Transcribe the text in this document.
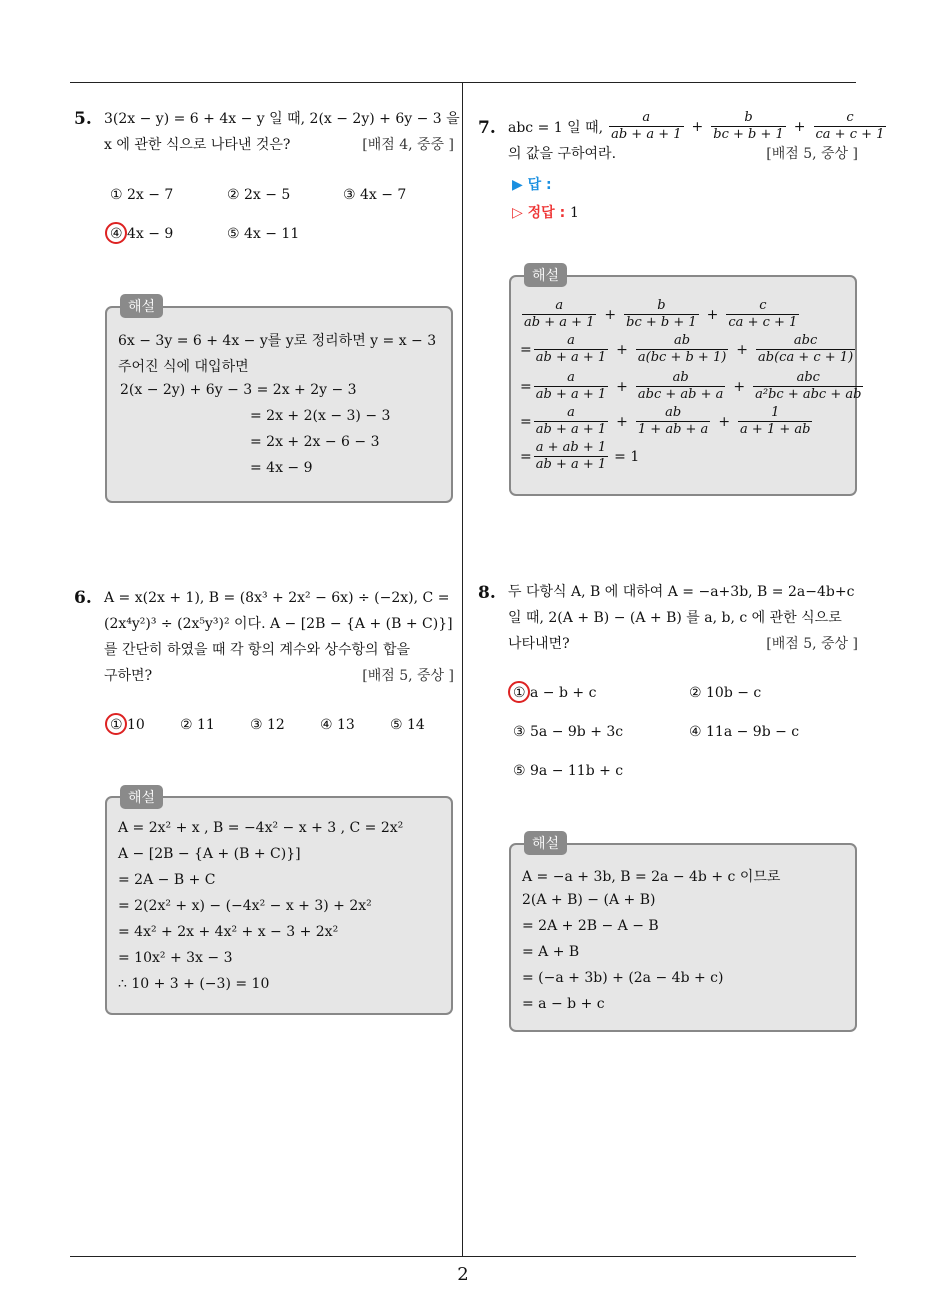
2
5. 3(2x − y) = 6 + 4x − y 일 때, 2(x − 2y) + 6y − 3 을
x 에 관한 식으로 나타낸 것은?	[배점 4, 중중 ]
① 2x − 7	② 2x − 5	③ 4x − 7
④ 4x − 9	⑤ 4x − 11
해설
6x − 3y = 6 + 4x − y를 y로 정리하면 y = x − 3
주어진 식에 대입하면
2(x − 2y) + 6y − 3 = 2x + 2y − 3
= 2x + 2(x − 3) − 3
= 2x + 2x − 6 − 3
= 4x − 9
6. A = x(2x + 1), B = (8x³ + 2x² − 6x) ÷ (−2x), C =
(2x⁴y²)³ ÷ (2x⁵y³)² 이다. A − [2B − {A + (B + C)}]
를 간단히 하였을 때 각 항의 계수와 상수항의 합을
구하면?	[배점 5, 중상 ]
① 10	② 11	③ 12	④ 13	⑤ 14
해설
A = 2x² + x , B = −4x² − x + 3 , C = 2x²
A − [2B − {A + (B + C)}]
= 2A − B + C
= 2(2x² + x) − (−4x² − x + 3) + 2x²
= 4x² + 2x + 4x² + x − 3 + 2x²
= 10x² + 3x − 3
∴ 10 + 3 + (−3) = 10
7. abc = 1 일 때, $\frac{a}{ab + a + 1} + \frac{b}{bc + b + 1} + \frac{c}{ca + c + 1}$
의 값을 구하여라.	[배점 5, 중상 ]
▶ 답 :
▷ 정답 : 1
해설
$\frac{a}{ab + a + 1} + \frac{b}{bc + b + 1} + \frac{c}{ca + c + 1}$
= $\frac{a}{ab + a + 1} + \frac{ab}{a(bc + b + 1)} + \frac{\text{abc}}{ab(ca + c + 1)}$
= $\frac{a}{ab + a + 1} + \frac{ab}{\text{abc + ab + a}} + \frac{\text{abc}}{\text{a²bc + abc + ab}}$
= $\frac{a}{ab + a + 1} + \frac{ab}{1 + ab + a} + \frac{1}{a + 1 + ab}$
= $\frac{a + ab + 1}{ab + a + 1} = 1$
8. 두 다항식 A, B 에 대하여 A = −a+3b, B = 2a−4b+c
일 때, 2(A + B) − (A + B) 를 a, b, c 에 관한 식으로
나타내면?	[배점 5, 중상 ]
① a − b + c	② 10b − c
③ 5a − 9b + 3c	④ 11a − 9b − c
⑤ 9a − 11b + c
해설
A = −a + 3b, B = 2a − 4b + c 이므로
2(A + B) − (A + B)
= 2A + 2B − A − B
= A + B
= (−a + 3b) + (2a − 4b + c)
= a − b + c
